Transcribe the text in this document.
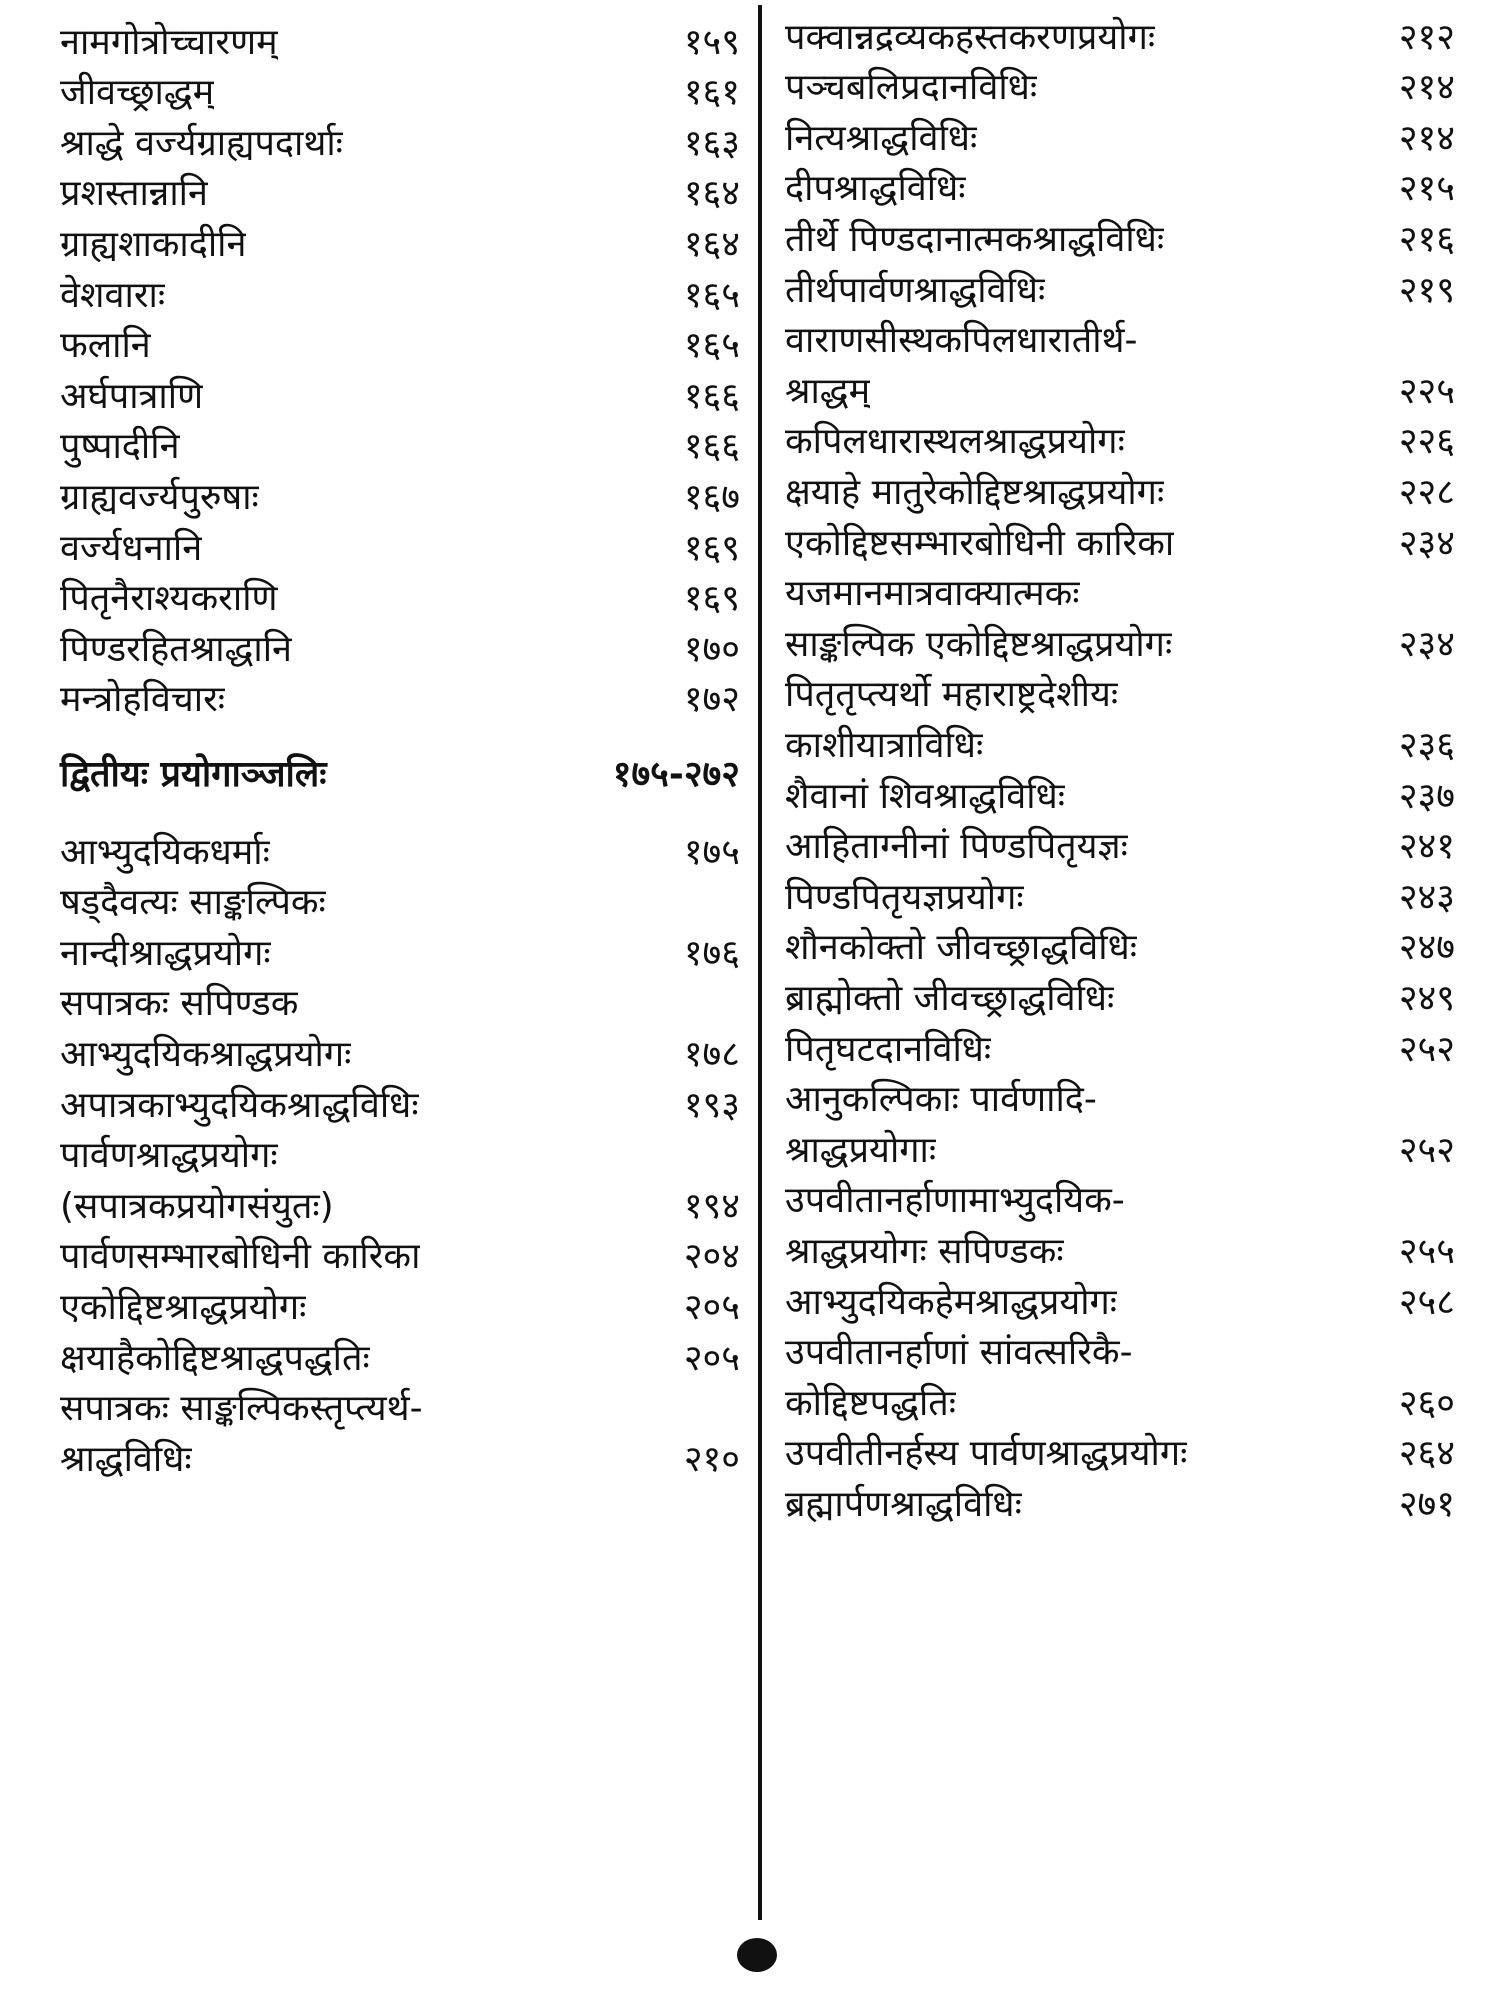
नामगोत्रोच्चारणम्	१५९
जीवच्छ्राद्धम्	१६१
श्राद्धे वर्ज्यग्राह्यपदार्थाः	१६३
प्रशस्तान्नानि	१६४
ग्राह्यशाकादीनि	१६४
वेशवाराः	१६५
फलानि	१६५
अर्घपात्राणि	१६६
पुष्पादीनि	१६६
ग्राह्यवर्ज्यपुरुषाः	१६७
वर्ज्यधनानि	१६९
पितृनैराश्यकराणि	१६९
पिण्डरहितश्राद्धानि	१७०
मन्त्रोहविचारः	१७२
द्वितीयः प्रयोगाञ्जलिः	१७५-२७२
आभ्युदयिकधर्माः	१७५
षड्दैवत्यः साङ्कल्पिकः
नान्दीश्राद्धप्रयोगः	१७६
सपात्रकः सपिण्डक
आभ्युदयिकश्राद्धप्रयोगः	१७८
अपात्रकाभ्युदयिकश्राद्धविधिः	१९३
पार्वणश्राद्धप्रयोगः
(सपात्रकप्रयोगसंयुतः)	१९४
पार्वणसम्भारबोधिनी कारिका	२०४
एकोद्दिष्टश्राद्धप्रयोगः	२०५
क्षयाहैकोद्दिष्टश्राद्धपद्धतिः	२०५
सपात्रकः साङ्कल्पिकस्तृप्त्यर्थ-
श्राद्धविधिः	२१०
पक्वान्नद्रव्यकहस्तकरणप्रयोगः	२१२
पञ्चबलिप्रदानविधिः	२१४
नित्यश्राद्धविधिः	२१४
दीपश्राद्धविधिः	२१५
तीर्थे पिण्डदानात्मकश्राद्धविधिः	२१६
तीर्थपार्वणश्राद्धविधिः	२१९
वाराणसीस्थकपिलधारातीर्थ-
श्राद्धम्	२२५
कपिलधारास्थलश्राद्धप्रयोगः	२२६
क्षयाहे मातुरेकोद्दिष्टश्राद्धप्रयोगः	२२८
एकोद्दिष्टसम्भारबोधिनी कारिका	२३४
यजमानमात्रवाक्यात्मकः
साङ्कल्पिक एकोद्दिष्टश्राद्धप्रयोगः	२३४
पितृतृप्त्यर्थो महाराष्ट्रदेशीयः
काशीयात्राविधिः	२३६
शैवानां शिवश्राद्धविधिः	२३७
आहिताग्नीनां पिण्डपितृयज्ञः	२४१
पिण्डपितृयज्ञप्रयोगः	२४३
शौनकोक्तो जीवच्छ्राद्धविधिः	२४७
ब्राह्मोक्तो जीवच्छ्राद्धविधिः	२४९
पितृघटदानविधिः	२५२
आनुकल्पिकाः पार्वणादि-
श्राद्धप्रयोगाः	२५२
उपवीतानर्हाणामाभ्युदयिक-
श्राद्धप्रयोगः सपिण्डकः	२५५
आभ्युदयिकहेमश्राद्धप्रयोगः	२५८
उपवीतानर्हाणां सांवत्सरिकै-
कोद्दिष्टपद्धतिः	२६०
उपवीतीनर्हस्य पार्वणश्राद्धप्रयोगः	२६४
ब्रह्मार्पणश्राद्धविधिः	२७१
